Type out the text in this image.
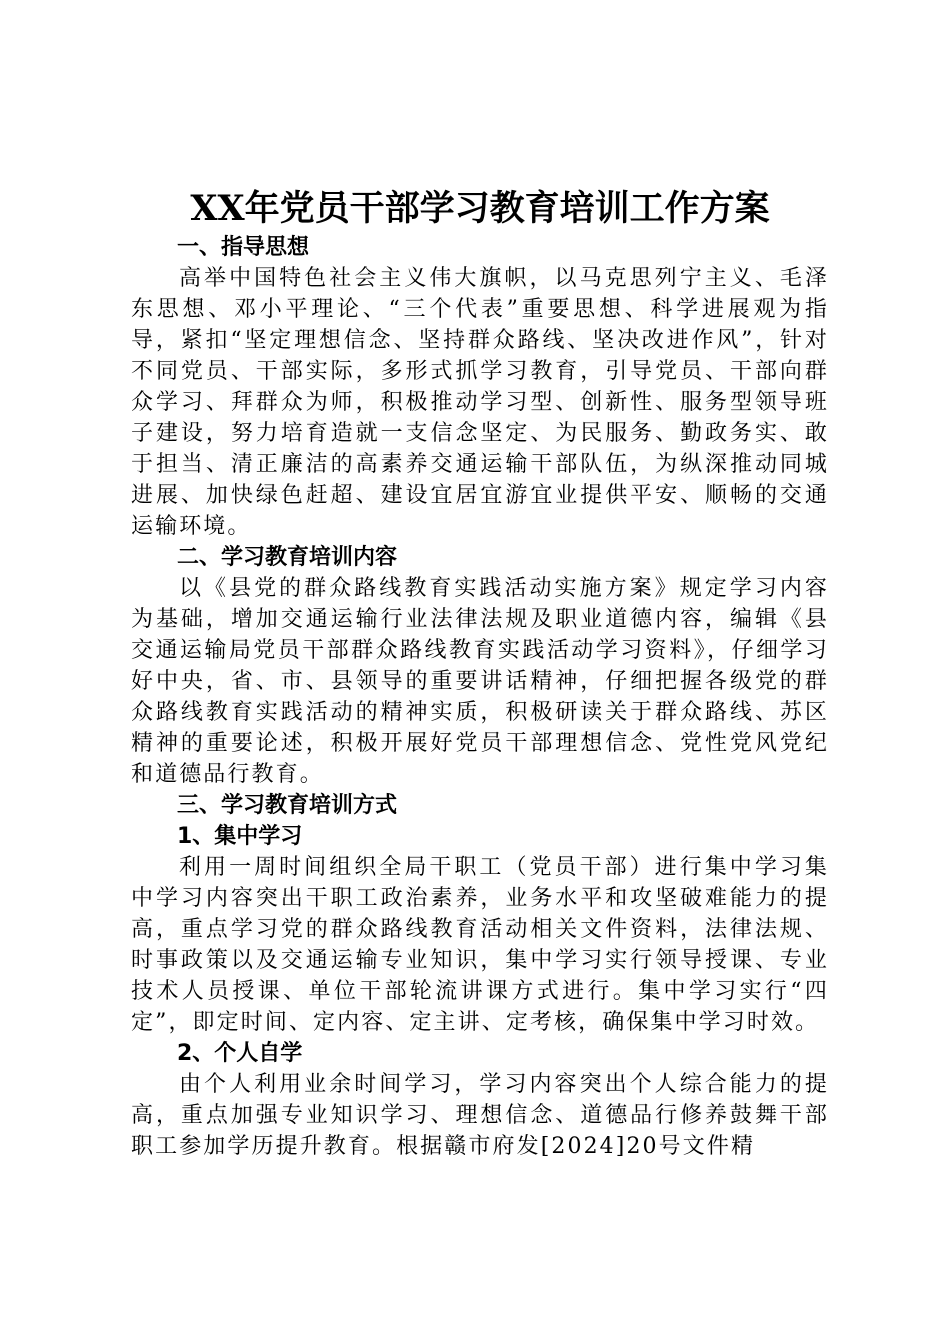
XX年党员干部学习教育培训工作方案
一、指导思想

高举中国特色社会主义伟大旗帜，以马克思列宁主义、毛泽东思想、邓小平理论、“三个代表”重要思想、科学进展观为指导，紧扣“坚定理想信念、坚持群众路线、坚决改进作风”，针对不同党员、干部实际，多形式抓学习教育，引导党员、干部向群众学习、拜群众为师，积极推动学习型、创新性、服务型领导班子建设，努力培育造就一支信念坚定、为民服务、勤政务实、敢于担当、清正廉洁的高素养交通运输干部队伍，为纵深推动同城进展、加快绿色赶超、建设宜居宜游宜业提供平安、顺畅的交通运输环境。

二、学习教育培训内容

以《县党的群众路线教育实践活动实施方案》规定学习内容为基础，增加交通运输行业法律法规及职业道德内容，编辑《县交通运输局党员干部群众路线教育实践活动学习资料》，仔细学习好中央，省、市、县领导的重要讲话精神，仔细把握各级党的群众路线教育实践活动的精神实质，积极研读关于群众路线、苏区精神的重要论述，积极开展好党员干部理想信念、党性党风党纪和道德品行教育。

三、学习教育培训方式
1、集中学习

利用一周时间组织全局干职工（党员干部）进行集中学习集中学习内容突出干职工政治素养，业务水平和攻坚破难能力的提高，重点学习党的群众路线教育活动相关文件资料，法律法规、时事政策以及交通运输专业知识，集中学习实行领导授课、专业技术人员授课、单位干部轮流讲课方式进行。集中学习实行“四定”，即定时间、定内容、定主讲、定考核，确保集中学习时效。

2、个人自学

由个人利用业余时间学习，学习内容突出个人综合能力的提高，重点加强专业知识学习、理想信念、道德品行修养鼓舞干部职工参加学历提升教育。根据赣市府发[2024]20号文件精
